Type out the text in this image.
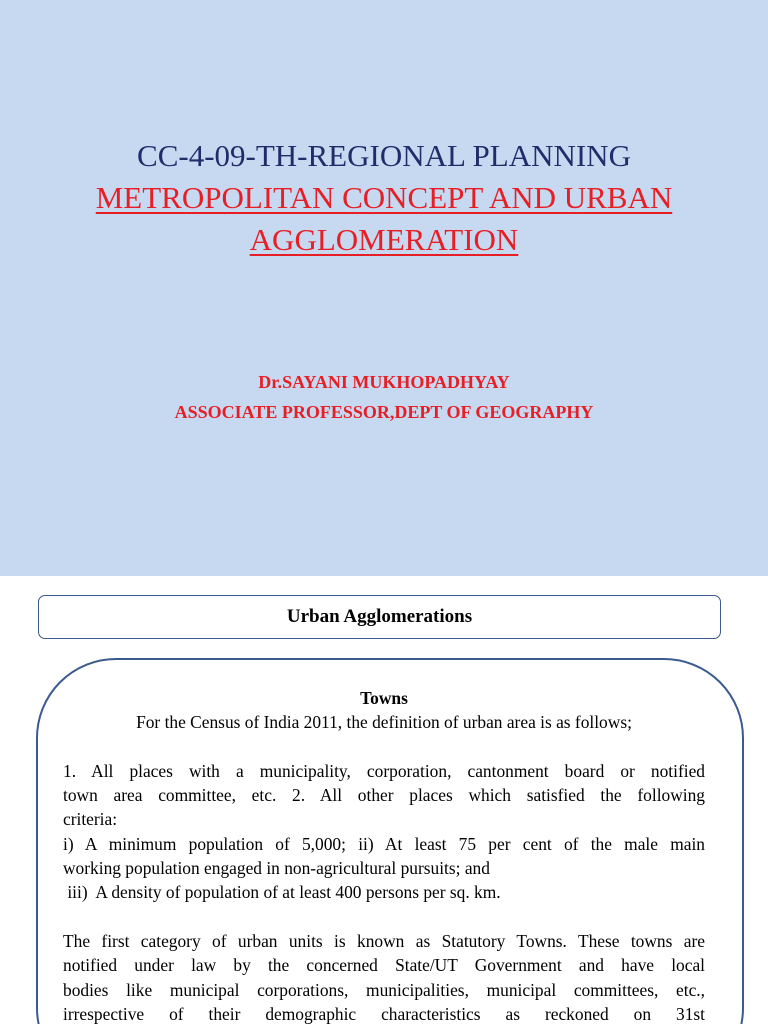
CC-4-09-TH-REGIONAL PLANNING
METROPOLITAN CONCEPT AND URBAN
AGGLOMERATION
Dr.SAYANI MUKHOPADHYAY
ASSOCIATE PROFESSOR,DEPT OF GEOGRAPHY
Urban Agglomerations
Towns
For the Census of India 2011, the definition of urban area is as follows;
1. All places with a municipality, corporation, cantonment board or notified
town area committee, etc. 2. All other places which satisfied the following
criteria:
i) A minimum population of 5,000; ii) At least 75 per cent of the male main
working population engaged in non-agricultural pursuits; and
iii)  A density of population of at least 400 persons per sq. km.
The first category of urban units is known as Statutory Towns. These towns are
notified under law by the concerned State/UT Government and have local
bodies like municipal corporations, municipalities, municipal committees, etc.,
irrespective of their demographic characteristics as reckoned on 31st
